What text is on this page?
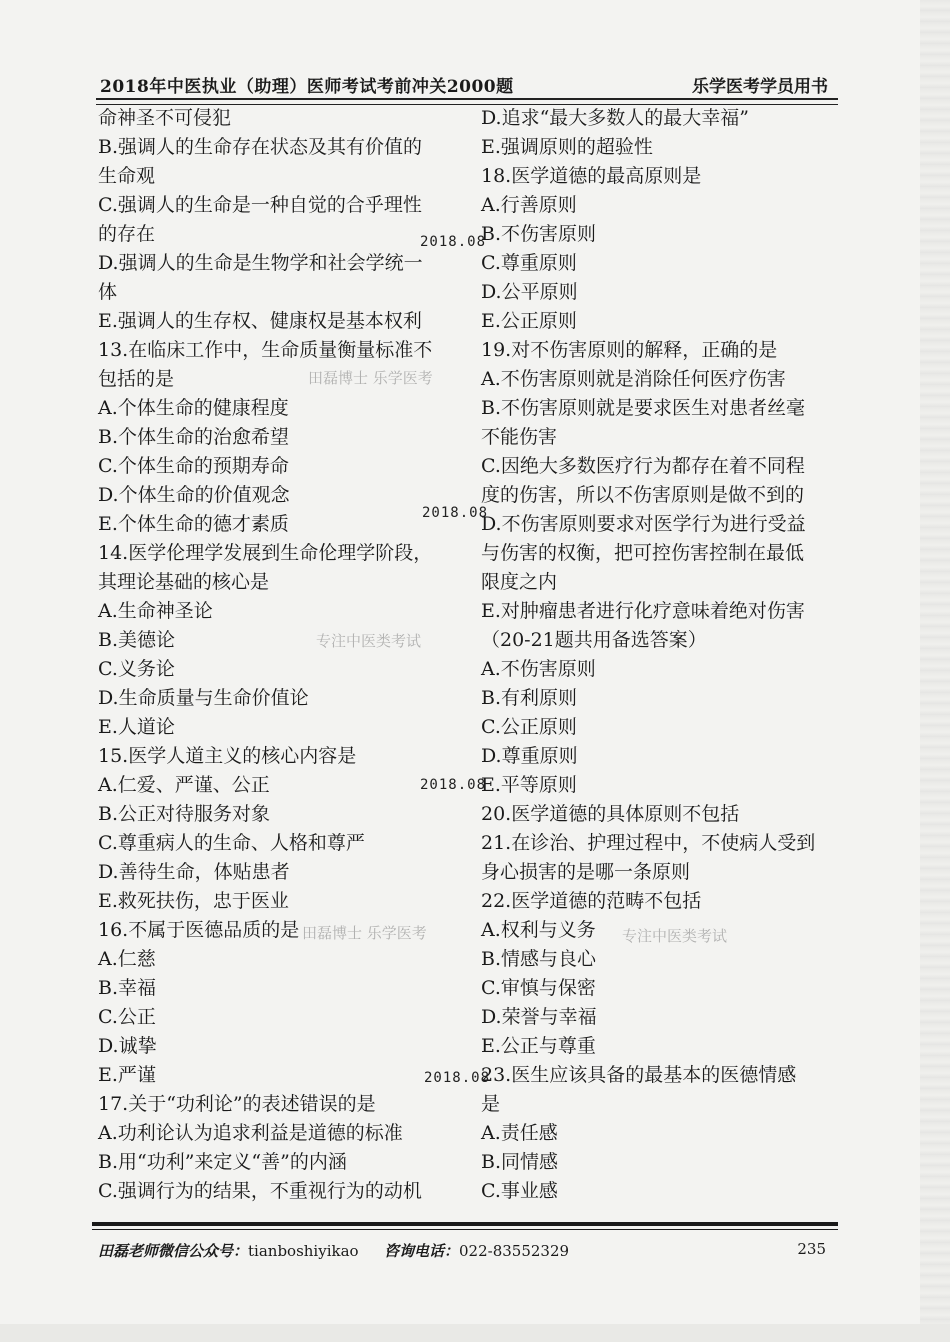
2018年中医执业（助理）医师考试考前冲关2000题	乐学医考学员用书
命神圣不可侵犯
B.强调人的生命存在状态及其有价值的
生命观
C.强调人的生命是一种自觉的合乎理性
的存在
D.强调人的生命是生物学和社会学统一
体
E.强调人的生存权、健康权是基本权利
13.在临床工作中，生命质量衡量标准不
包括的是
A.个体生命的健康程度
B.个体生命的治愈希望
C.个体生命的预期寿命
D.个体生命的价值观念
E.个体生命的德才素质
14.医学伦理学发展到生命伦理学阶段，
其理论基础的核心是
A.生命神圣论
B.美德论
C.义务论
D.生命质量与生命价值论
E.人道论
15.医学人道主义的核心内容是
A.仁爱、严谨、公正
B.公正对待服务对象
C.尊重病人的生命、人格和尊严
D.善待生命，体贴患者
E.救死扶伤，忠于医业
16.不属于医德品质的是
A.仁慈
B.幸福
C.公正
D.诚挚
E.严谨
17.关于“功利论”的表述错误的是
A.功利论认为追求利益是道德的标准
B.用“功利”来定义“善”的内涵
C.强调行为的结果，不重视行为的动机
D.追求“最大多数人的最大幸福”
E.强调原则的超验性
18.医学道德的最高原则是
A.行善原则
B.不伤害原则
C.尊重原则
D.公平原则
E.公正原则
19.对不伤害原则的解释，正确的是
A.不伤害原则就是消除任何医疗伤害
B.不伤害原则就是要求医生对患者丝毫
不能伤害
C.因绝大多数医疗行为都存在着不同程
度的伤害，所以不伤害原则是做不到的
D.不伤害原则要求对医学行为进行受益
与伤害的权衡，把可控伤害控制在最低
限度之内
E.对肿瘤患者进行化疗意味着绝对伤害
（20-21题共用备选答案）
A.不伤害原则
B.有利原则
C.公正原则
D.尊重原则
E.平等原则
20.医学道德的具体原则不包括
21.在诊治、护理过程中，不使病人受到
身心损害的是哪一条原则
22.医学道德的范畴不包括
A.权利与义务
B.情感与良心
C.审慎与保密
D.荣誉与幸福
E.公正与尊重
23.医生应该具备的最基本的医德情感
是
A.责任感
B.同情感
C.事业感
2018.08
2018.08
2018.08
2018.08
田磊博士 乐学医考
专注中医类考试
田磊博士 乐学医考	专注中医类考试
田磊老师微信公众号：tianboshiyikao 咨询电话：022-83552329	235
